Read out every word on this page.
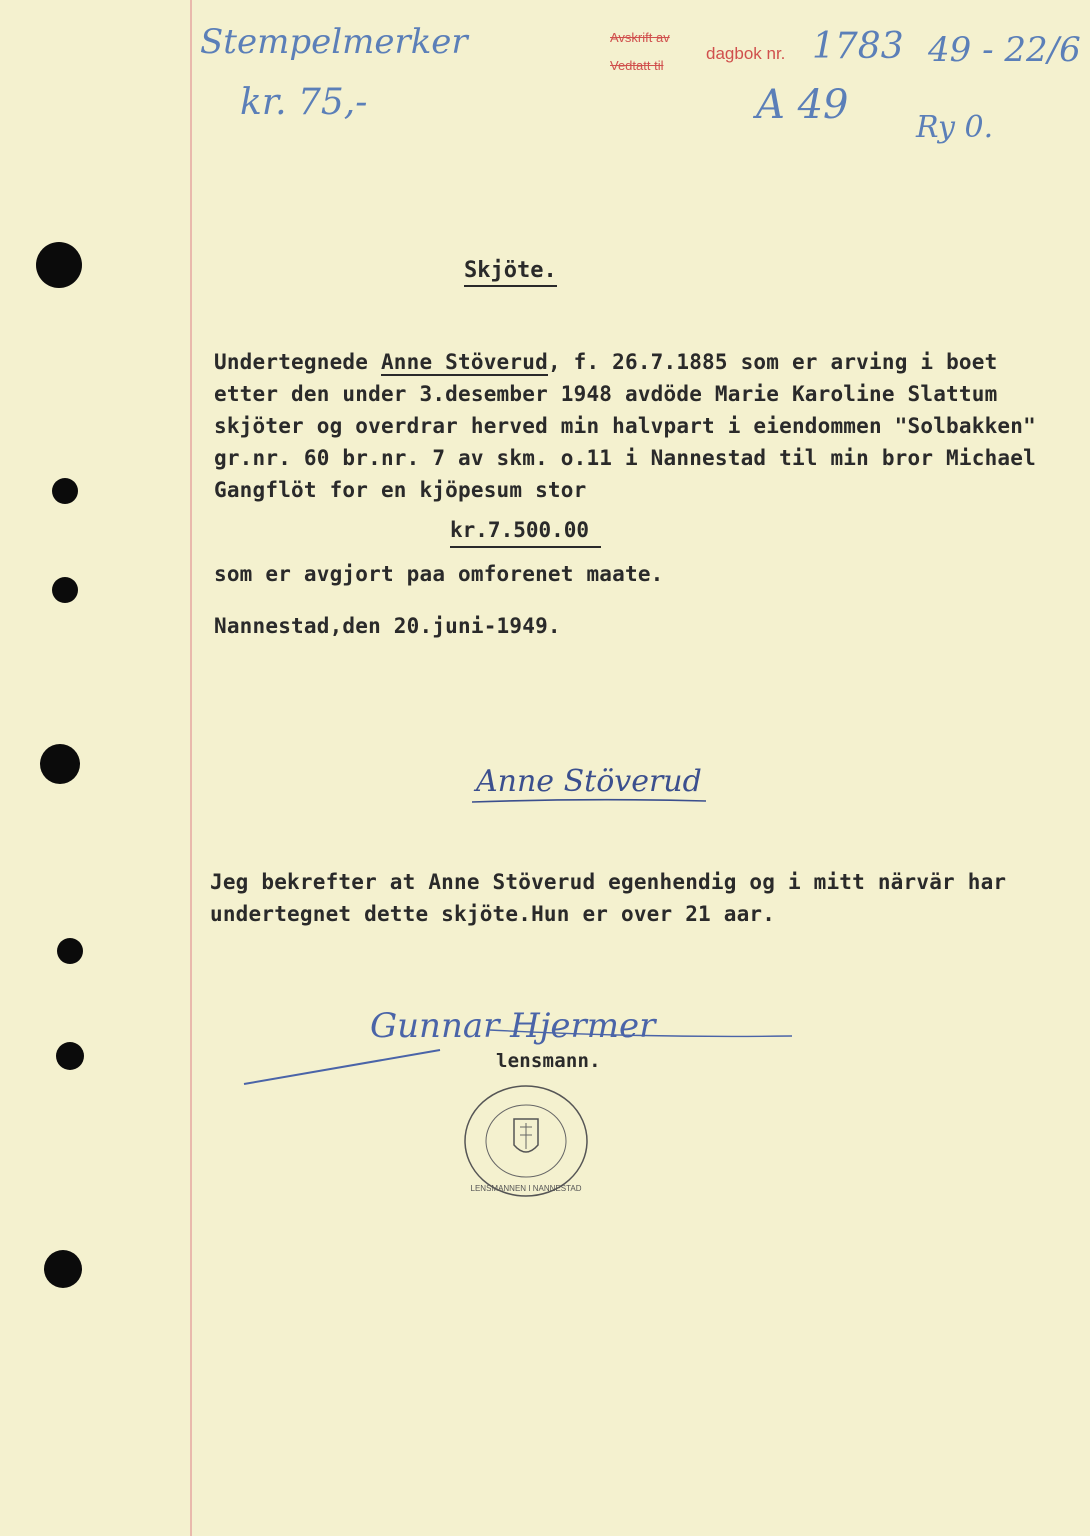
Stempelmerker
kr. 75,-
Avskrift av
Vedtatt til
dagbok nr. 1783 49 - 22/6
A 49 Ry 0.
Skjöte.
Undertegnede Anne Stöverud, f. 26.7.1885 som er arving i boet
etter den under 3.desember 1948 avdöde Marie Karoline Slattum
skjöter og overdrar herved min halvpart i eiendommen "Solbakken"
gr.nr. 60 br.nr. 7 av skm. o.11 i Nannestad til min bror Michael
Gangflöt for en kjöpesum stor
kr.7.500.00
som er avgjort paa omforenet maate.
Nannestad,den 20.juni-1949.
Anne Stöverud
Jeg bekrefter at Anne Stöverud egenhendig og i mitt närvär har
undertegnet dette skjöte.Hun er over 21 aar.
Gunnar Hjermer
lensmann.
LENSMANNEN I NANNESTAD
